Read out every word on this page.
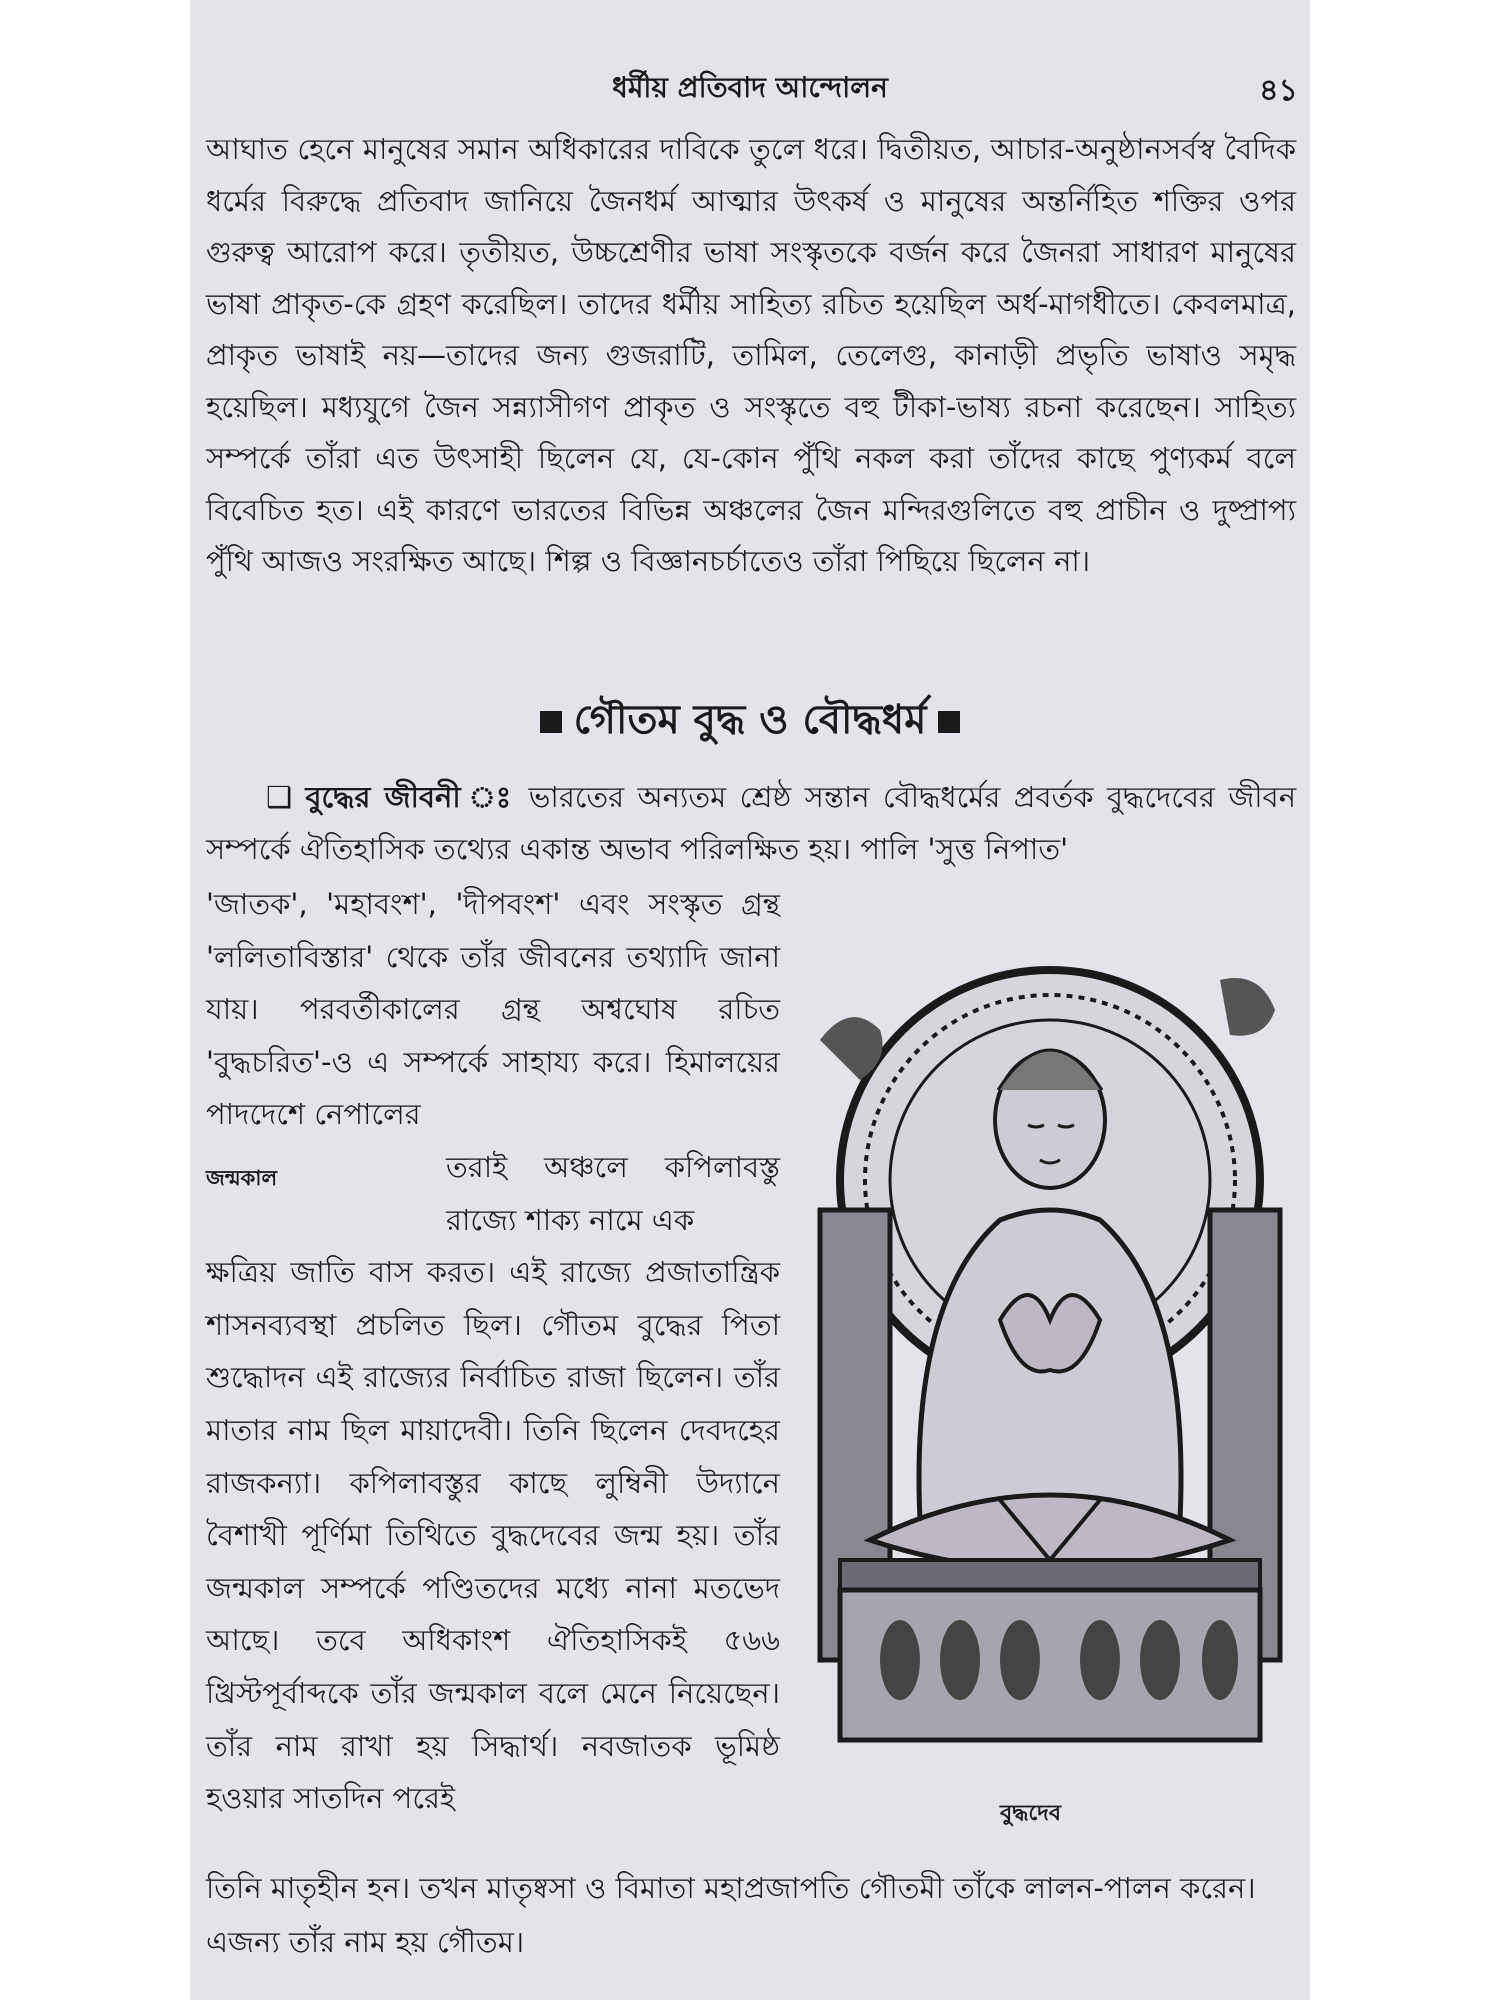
ধর্মীয় প্রতিবাদ আন্দোলন	৪১

আঘাত হেনে মানুষের সমান অধিকারের দাবিকে তুলে ধরে। দ্বিতীয়ত, আচার-অনুষ্ঠানসর্বস্ব বৈদিক ধর্মের বিরুদ্ধে প্রতিবাদ জানিয়ে জৈনধর্ম আত্মার উৎকর্ষ ও মানুষের অন্তর্নিহিত শক্তির ওপর গুরুত্ব আরোপ করে। তৃতীয়ত, উচ্চশ্রেণীর ভাষা সংস্কৃতকে বর্জন করে জৈনরা সাধারণ মানুষের ভাষা প্রাকৃত-কে গ্রহণ করেছিল। তাদের ধর্মীয় সাহিত্য রচিত হয়েছিল অর্ধ-মাগধীতে। কেবলমাত্র, প্রাকৃত ভাষাই নয়—তাদের জন্য গুজরাটি, তামিল, তেলেগু, কানাড়ী প্রভৃতি ভাষাও সমৃদ্ধ হয়েছিল। মধ্যযুগে জৈন সন্ন্যাসীগণ প্রাকৃত ও সংস্কৃতে বহু টীকা-ভাষ্য রচনা করেছেন। সাহিত্য সম্পর্কে তাঁরা এত উৎসাহী ছিলেন যে, যে-কোন পুঁথি নকল করা তাঁদের কাছে পুণ্যকর্ম বলে বিবেচিত হত। এই কারণে ভারতের বিভিন্ন অঞ্চলের জৈন মন্দিরগুলিতে বহু প্রাচীন ও দুষ্প্রাপ্য পুঁথি আজও সংরক্ষিত আছে। শিল্প ও বিজ্ঞানচর্চাতেও তাঁরা পিছিয়ে ছিলেন না।

গৌতম বুদ্ধ ও বৌদ্ধধর্ম

❑ বুদ্ধের জীবনী ঃ ভারতের অন্যতম শ্রেষ্ঠ সন্তান বৌদ্ধধর্মের প্রবর্তক বুদ্ধদেবের জীবন সম্পর্কে ঐতিহাসিক তথ্যের একান্ত অভাব পরিলক্ষিত হয়। পালি 'সুত্ত নিপাত'

'জাতক', 'মহাবংশ', 'দীপবংশ' এবং সংস্কৃত গ্রন্থ 'ললিতাবিস্তার' থেকে তাঁর জীবনের তথ্যাদি জানা যায়। পরবর্তীকালের গ্রন্থ অশ্বঘোষ রচিত 'বুদ্ধচরিত'-ও এ সম্পর্কে সাহায্য করে। হিমালয়ের পাদদেশে নেপালের
তরাই অঞ্চলে কপিলাবস্তু রাজ্যে শাক্য নামে এক
ক্ষত্রিয় জাতি বাস করত। এই রাজ্যে প্রজাতান্ত্রিক শাসনব্যবস্থা প্রচলিত ছিল। গৌতম বুদ্ধের পিতা শুদ্ধোদন এই রাজ্যের নির্বাচিত রাজা ছিলেন। তাঁর মাতার নাম ছিল মায়াদেবী। তিনি ছিলেন দেবদহের রাজকন্যা। কপিলাবস্তুর কাছে লুম্বিনী উদ্যানে বৈশাখী পূর্ণিমা তিথিতে বুদ্ধদেবের জন্ম হয়। তাঁর জন্মকাল সম্পর্কে পণ্ডিতদের মধ্যে নানা মতভেদ আছে। তবে অধিকাংশ ঐতিহাসিকই ৫৬৬ খ্রিস্টপূর্বাব্দকে তাঁর জন্মকাল বলে মেনে নিয়েছেন। তাঁর নাম রাখা হয় সিদ্ধার্থ। নবজাতক ভূমিষ্ঠ হওয়ার সাতদিন পরেই

জন্মকাল
বুদ্ধদেব

তিনি মাতৃহীন হন। তখন মাতৃষ্বসা ও বিমাতা মহাপ্রজাপতি গৌতমী তাঁকে লালন-পালন করেন। এজন্য তাঁর নাম হয় গৌতম।
